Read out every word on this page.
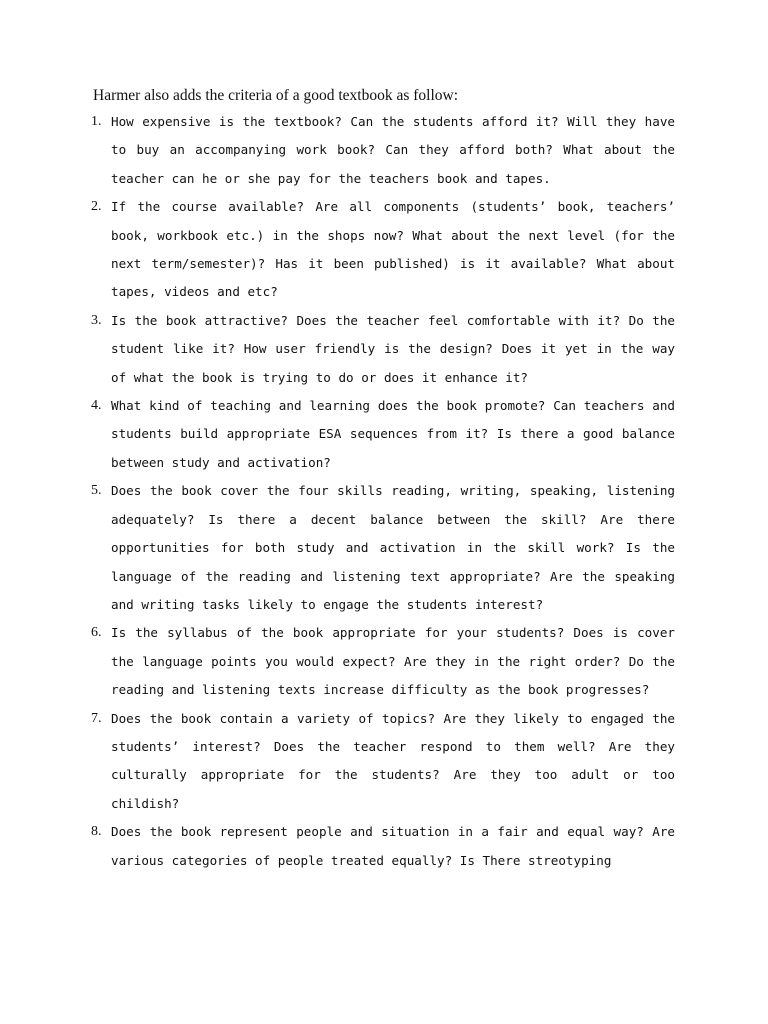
Harmer also adds the criteria of a good textbook as follow:
1. How expensive is the textbook? Can the students afford it? Will they have to buy an accompanying work book? Can they afford both? What about the teacher can he or she pay for the teachers book and tapes.
2. If the course available? Are all components (students’ book, teachers’ book, workbook etc.) in the shops now? What about the next level (for the next term/semester)? Has it been published) is it available? What about tapes, videos and etc?
3. Is the book attractive? Does the teacher feel comfortable with it? Do the student like it? How user friendly is the design? Does it yet in the way of what the book is trying to do or does it enhance it?
4. What kind of teaching and learning does the book promote? Can teachers and students build appropriate ESA sequences from it? Is there a good balance between study and activation?
5. Does the book cover the four skills reading, writing, speaking, listening adequately? Is there a decent balance between the skill? Are there opportunities for both study and activation in the skill work? Is the language of the reading and listening text appropriate? Are the speaking and writing tasks likely to engage the students interest?
6. Is the syllabus of the book appropriate for your students? Does is cover the language points you would expect? Are they in the right order? Do the reading and listening texts increase difficulty as the book progresses?
7. Does the book contain a variety of topics? Are they likely to engaged the students’ interest? Does the teacher respond to them well? Are they culturally appropriate for the students? Are they too adult or too childish?
8. Does the book represent people and situation in a fair and equal way? Are various categories of people treated equally? Is There streotyping
